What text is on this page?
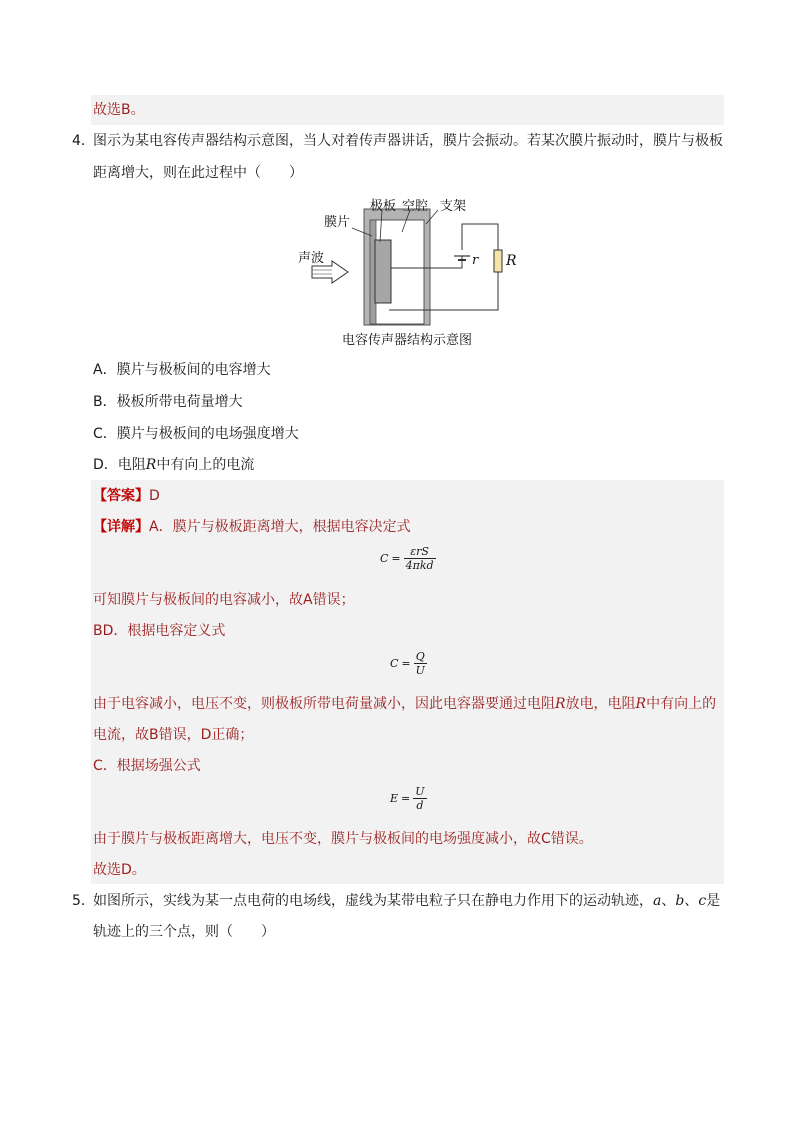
故选B。
4．
图示为某电容传声器结构示意图，当人对着传声器讲话，膜片会振动。若某次膜片振动时，膜片与极板
距离增大，则在此过程中（　　）
膜片
极板 空腔 支架
声波	r R
电容传声器结构示意图
A．膜片与极板间的电容增大
B．极板所带电荷量增大
C．膜片与极板间的电场强度增大
D．电阻R中有向上的电流
【答案】D
【详解】A．膜片与极板距离增大，根据电容决定式
$C = \frac{\text{εrS}}{\text{4πkd}}$
可知膜片与极板间的电容减小，故A错误；
BD．根据电容定义式
$C = \frac{Q}{U}$
由于电容减小，电压不变，则极板所带电荷量减小，因此电容器要通过电阻R放电，电阻R中有向上的
电流，故B错误，D正确；
C．根据场强公式
$E = \frac{U}{d}$
由于膜片与极板距离增大，电压不变，膜片与极板间的电场强度减小，故C错误。
故选D。
5．
如图所示，实线为某一点电荷的电场线，虚线为某带电粒子只在静电力作用下的运动轨迹，a、b、c是
轨迹上的三个点，则（　　）
